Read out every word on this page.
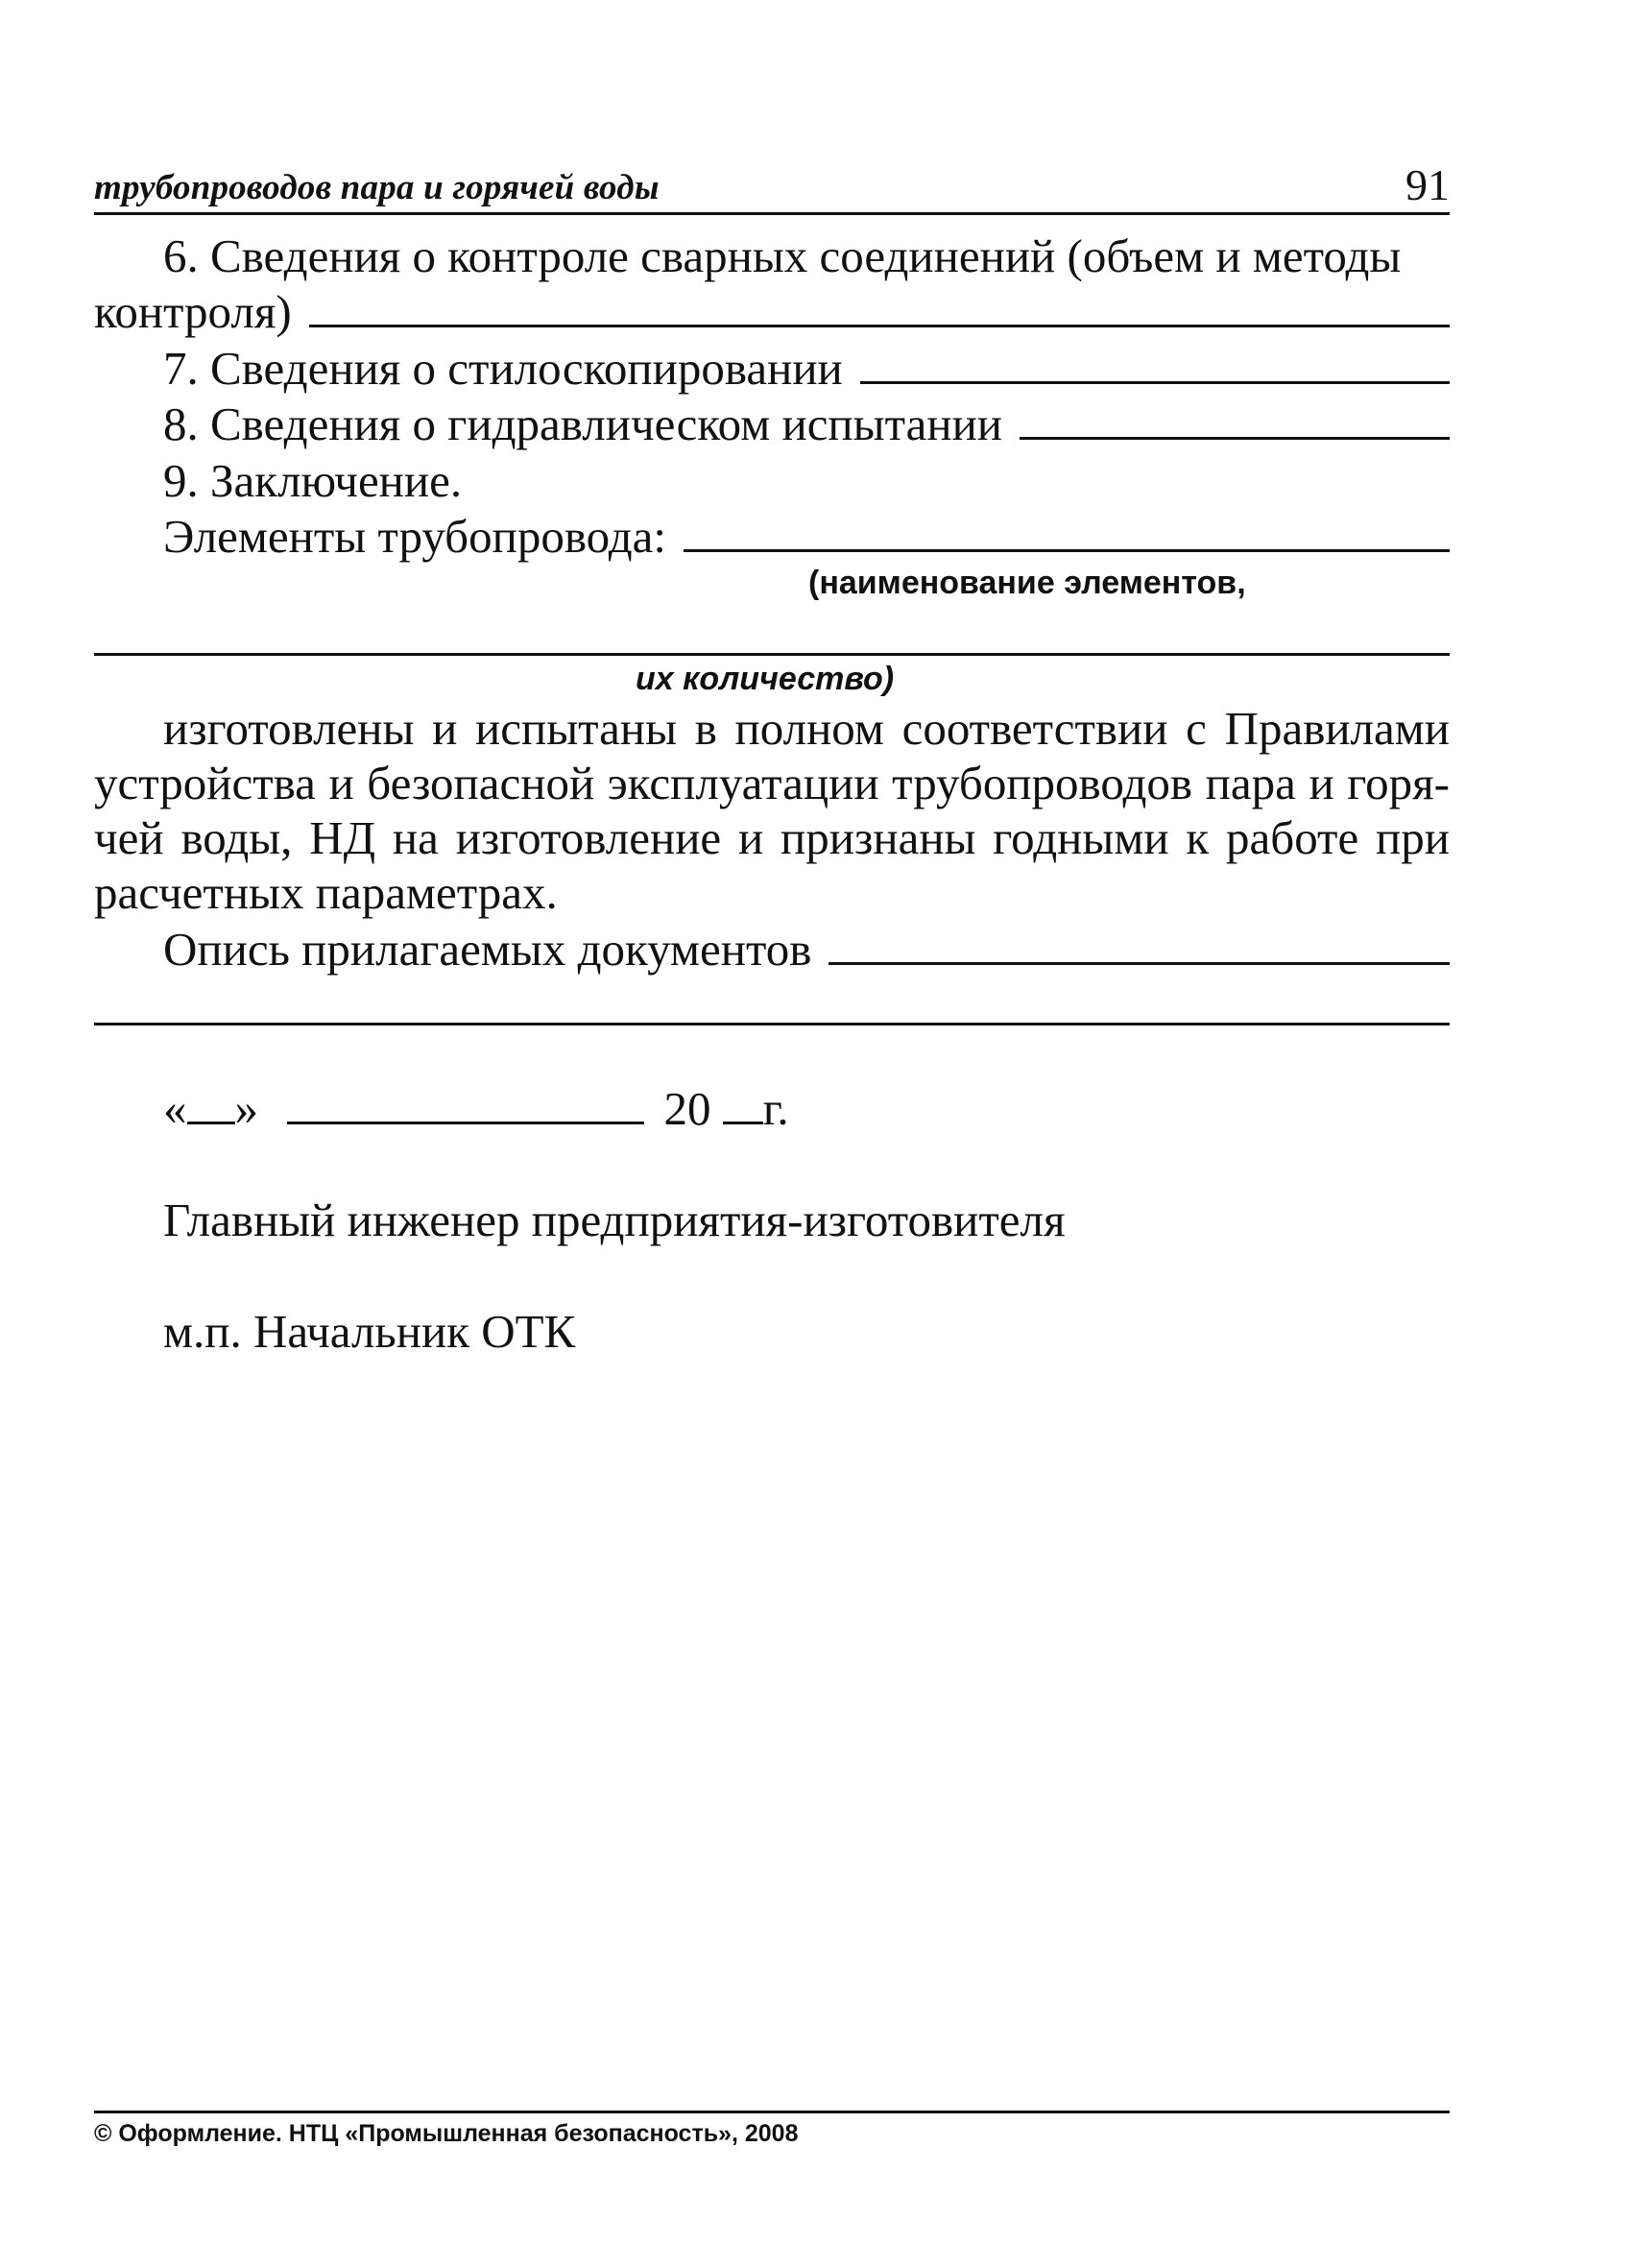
трубопроводов пара и горячей воды	91
6. Сведения о контроле сварных соединений (объем и методы
контроля)
7. Сведения о стилоскопировании
8. Сведения о гидравлическом испытании
9. Заключение.
Элементы трубопровода:
(наименование элементов,
их количество)
изготовлены и испытаны в полном соответствии с Правилами
устройства и безопасной эксплуатации трубопроводов пара и горя-
чей воды, НД на изготовление и признаны годными к работе при
расчетных параметрах.
Опись прилагаемых документов
« »	20 г.
Главный инженер предприятия-изготовителя
м.п. Начальник ОТК
© Оформление. НТЦ «Промышленная безопасность», 2008
